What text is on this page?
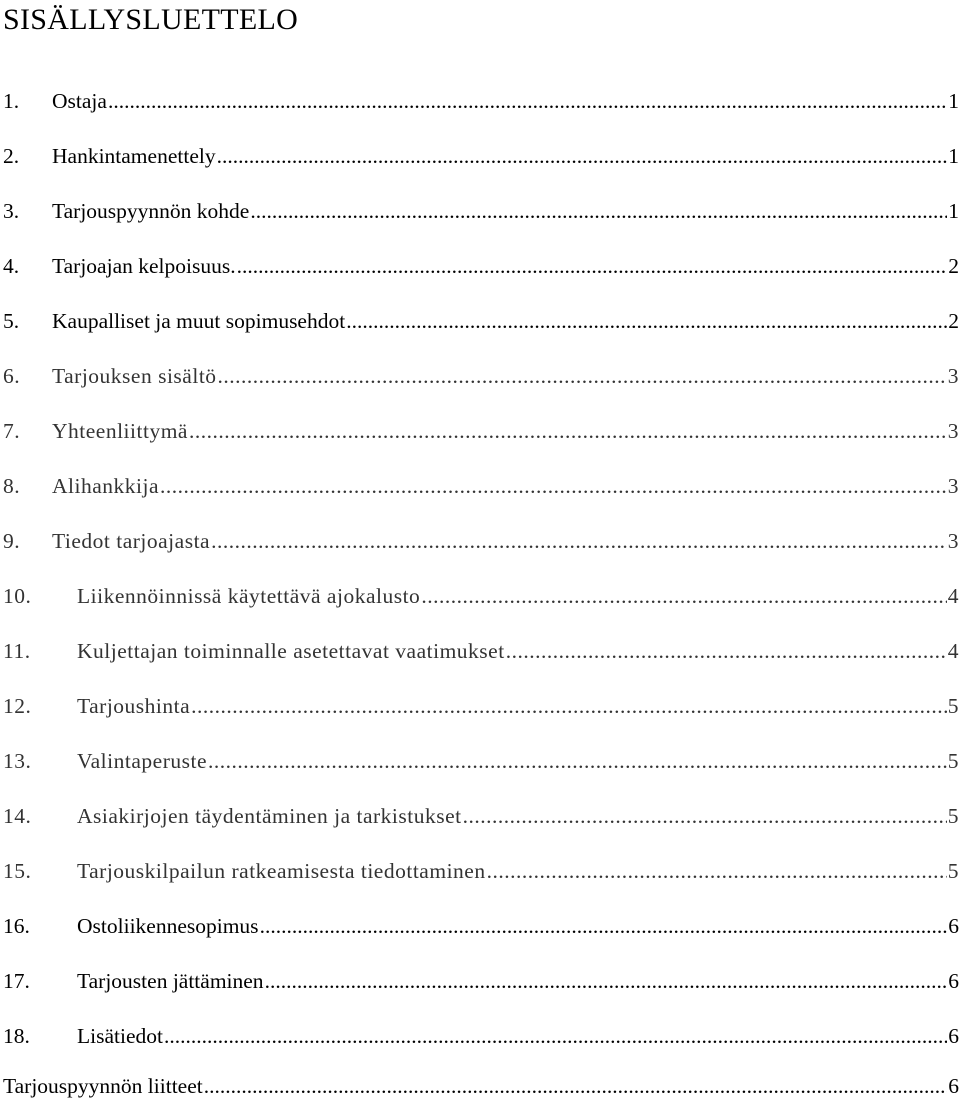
SISÄLLYSLUETTELO
1. Ostaja .....	1
2. Hankintamenettely .....	1
3. Tarjouspyynnön kohde .....	1
4. Tarjoajan kelpoisuus. .....	2
5. Kaupalliset ja muut sopimusehdot .....	2
6. Tarjouksen sisältö .....	3
7. Yhteenliittymä .....	3
8. Alihankkija .....	3
9. Tiedot tarjoajasta .....	3
10. Liikennöinnissä käytettävä ajokalusto .....	4
11. Kuljettajan toiminnalle asetettavat vaatimukset .....	4
12. Tarjoushinta .....	5
13. Valintaperuste .....	5
14. Asiakirjojen täydentäminen ja tarkistukset .....	5
15. Tarjouskilpailun ratkeamisesta tiedottaminen .....	5
16. Ostoliikennesopimus .....	6
17. Tarjousten jättäminen .....	6
18. Lisätiedot .....	6
Tarjouspyynnön liitteet .....	6
